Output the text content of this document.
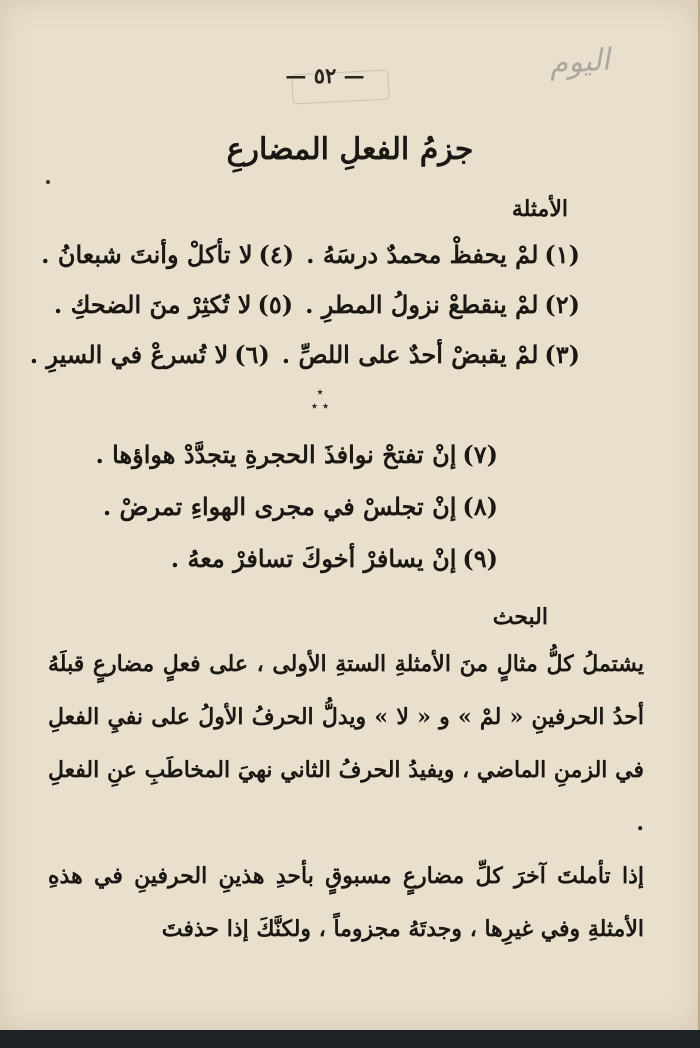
— ٥٢ —	اليوم
جزمُ الفعلِ المضارعِ
الأمثلة
(١)لمْ يحفظْ محمدٌ درسَهُ .(٤)لا تأكلْ وأنتَ شبعانُ .
(٢)لمْ ينقطعْ نزولُ المطرِ .(٥)لا تُكثِرْ منَ الضحكِ .
(٣)لمْ يقبضْ أحدٌ على اللصِّ .(٦)لا تُسرعْ في السيرِ .
٭
٭ ٭
(٧)إنْ تفتحْ نوافذَ الحجرةِ يتجدَّدْ هواؤها .
(٨)إنْ تجلسْ في مجرى الهواءِ تمرضْ .
(٩)إنْ يسافرْ أخوكَ تسافرْ معهُ .
البحث
يشتملُ كلُّ مثالٍ منَ الأمثلةِ الستةِ الأولى ، على فعلٍ مضارعٍ قبلَهُ أحدُ الحرفينِ « لمْ » و « لا » ويدلُّ الحرفُ الأولُ على نفيِ الفعلِ في الزمنِ الماضي ، ويفيدُ الحرفُ الثاني نهيَ المخاطَبِ عنِ الفعلِ .
إذا تأملتَ آخرَ كلِّ مضارعٍ مسبوقٍ بأحدِ هذينِ الحرفينِ في هذهِ الأمثلةِ وفي غيرِها ، وجدتَهُ مجزوماً ، ولكنَّكَ إذا حذفتَ
